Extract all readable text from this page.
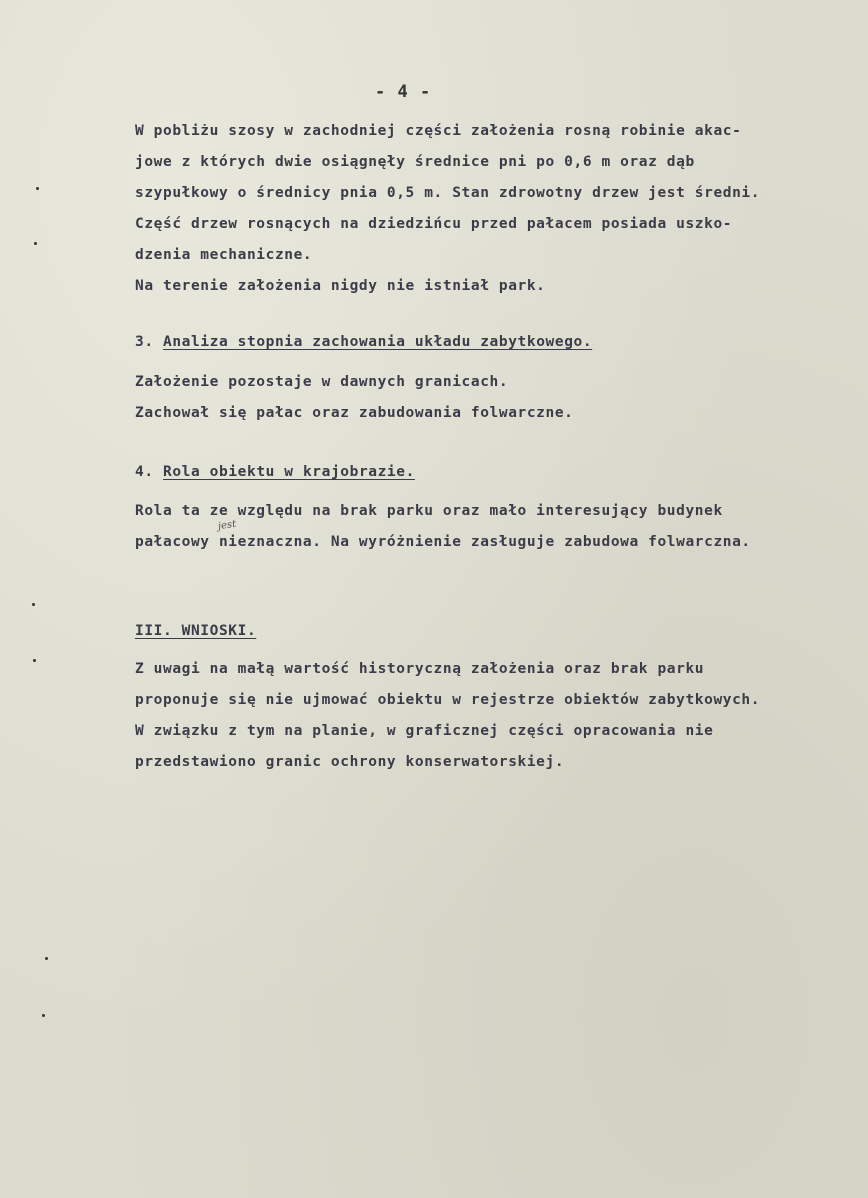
- 4 -
W pobliżu szosy w zachodniej części założenia rosną robinie akac-
jowe z których dwie osiągnęły średnice pni po 0,6 m oraz dąb
szypułkowy o średnicy pnia 0,5 m. Stan zdrowotny drzew jest średni.
Część drzew rosnących na dziedzińcu przed pałacem posiada uszko-
dzenia mechaniczne.
Na terenie założenia nigdy nie istniał park.
3. Analiza stopnia zachowania układu zabytkowego.
Założenie pozostaje w dawnych granicach.
Zachował się pałac oraz zabudowania folwarczne.
4. Rola obiektu w krajobrazie.
Rola ta ze względu na brak parku oraz mało interesujący budynek
jest
pałacowy nieznaczna. Na wyróżnienie zasługuje zabudowa folwarczna.
III. WNIOSKI.
Z uwagi na małą wartość historyczną założenia oraz brak parku
proponuje się nie ujmować obiektu w rejestrze obiektów zabytkowych.
W związku z tym na planie, w graficznej części opracowania nie
przedstawiono granic ochrony konserwatorskiej.
